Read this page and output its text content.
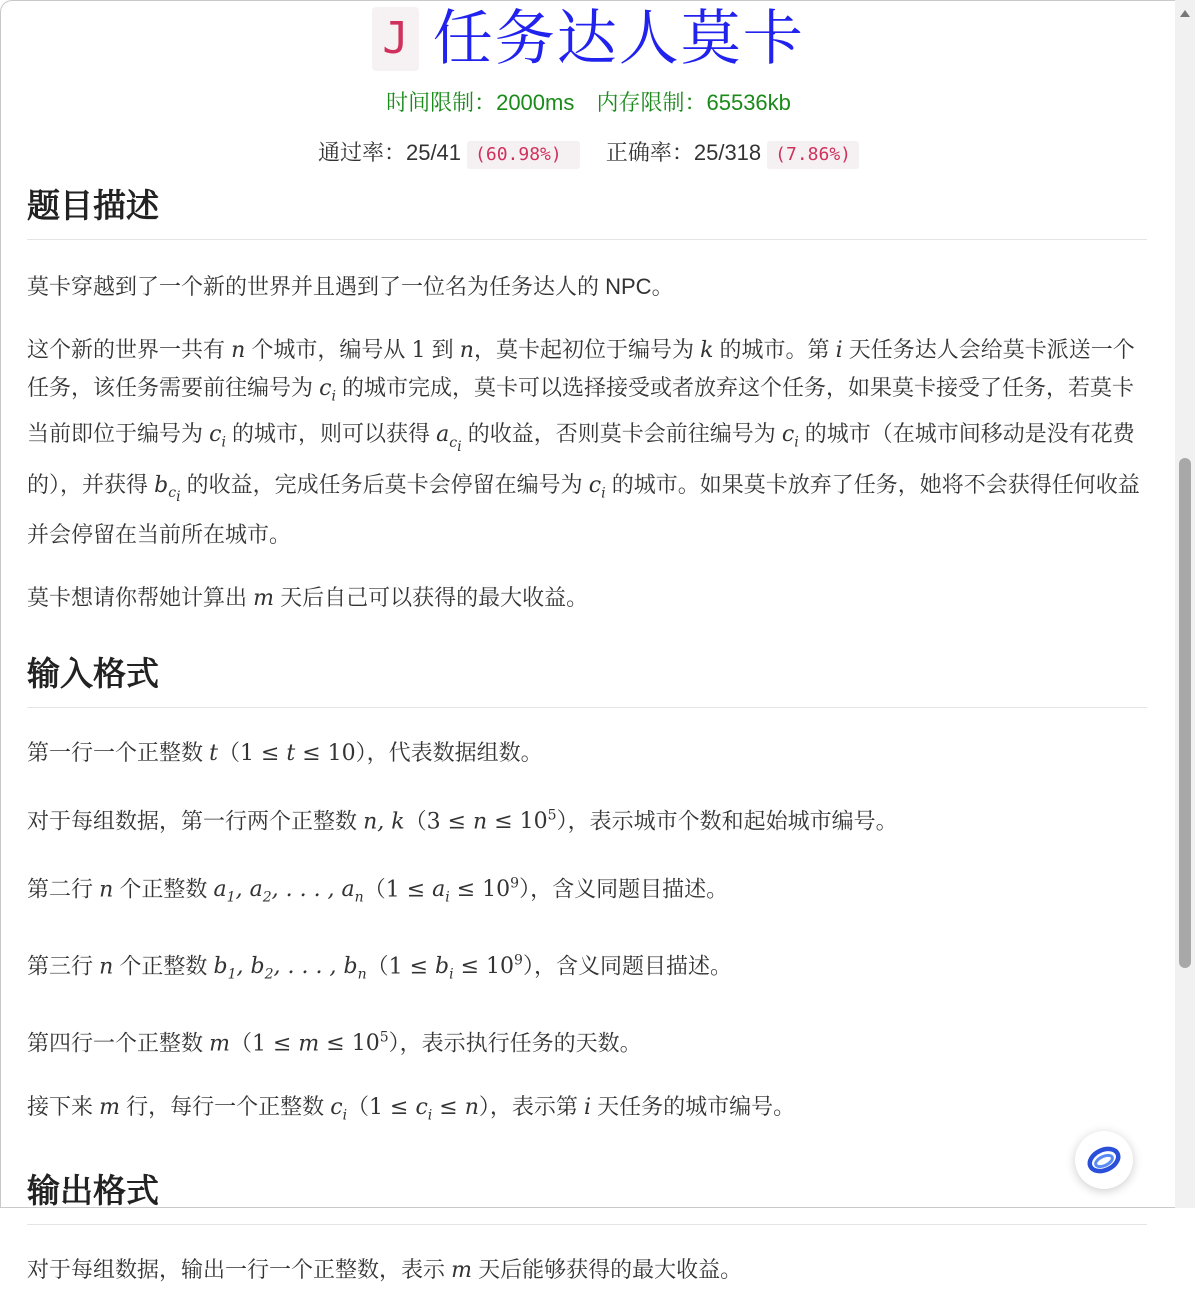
J 任务达人莫卡
时间限制：2000ms 内存限制：65536kb
通过率：25/41 (60.98%) 正确率：25/318 (7.86%)
题目描述

莫卡穿越到了一个新的世界并且遇到了一位名为任务达人的 NPC。

这个新的世界一共有 n 个城市，编号从 1 到 n，莫卡起初位于编号为 k 的城市。第 i 天任务达人会给莫卡派送一个任务，该任务需要前往编号为 $c_i$ 的城市完成，莫卡可以选择接受或者放弃这个任务，如果莫卡接受了任务，若莫卡当前即位于编号为 $c_i$ 的城市，则可以获得 $a_{c_i}$ 的收益，否则莫卡会前往编号为 $c_i$ 的城市（在城市间移动是没有花费的），并获得 $b_{c_i}$ 的收益，完成任务后莫卡会停留在编号为 $c_i$ 的城市。如果莫卡放弃了任务，她将不会获得任何收益并会停留在当前所在城市。

莫卡想请你帮她计算出 m 天后自己可以获得的最大收益。

输入格式

第一行一个正整数 t（1 ≤ t ≤ 10），代表数据组数。

对于每组数据，第一行两个正整数 n, $k(3 \le n \le 10^5)$，表示城市个数和起始城市编号。

第二行 n 个正整数 $a_1$, $a_2$, . . . , $a_n(1 \le a_i \le 10^9)$，含义同题目描述。

第三行 n 个正整数 $b_1$, $b_2$, . . . , $b_n(1 \le b_i \le 10^9)$，含义同题目描述。

第四行一个正整数 $m(1 \le m \le 10^5)$，表示执行任务的天数。

接下来 m 行，每行一个正整数 $c_i(1 \le c_i \le n)$，表示第 i 天任务的城市编号。

输出格式

对于每组数据，输出一行一个正整数，表示 m 天后能够获得的最大收益。
